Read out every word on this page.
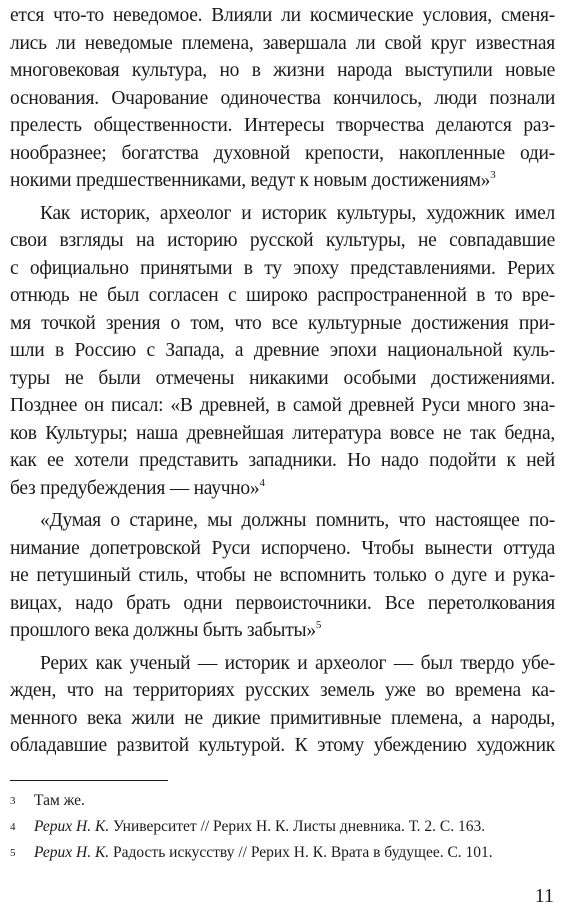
ется что-то неведомое. Влияли ли космические условия, сменя-
лись ли неведомые племена, завершала ли свой круг известная
многовековая культура, но в жизни народа выступили новые
основания. Очарование одиночества кончилось, люди познали
прелесть общественности. Интересы творчества делаются раз-
нообразнее; богатства духовной крепости, накопленные оди-
нокими предшественниками, ведут к новым достижениям»$^3$
Как историк, археолог и историк культуры, художник имел
свои взгляды на историю русской культуры, не совпадавшие
с официально принятыми в ту эпоху представлениями. Рерих
отнюдь не был согласен с широко распространенной в то вре-
мя точкой зрения о том, что все культурные достижения при-
шли в Россию с Запада, а древние эпохи национальной куль-
туры не были отмечены никакими особыми достижениями.
Позднее он писал: «В древней, в самой древней Руси много зна-
ков Культуры; наша древнейшая литература вовсе не так бедна,
как ее хотели представить западники. Но надо подойти к ней
без предубеждения — научно»$^4$
«Думая о старине, мы должны помнить, что настоящее по-
нимание допетровской Руси испорчено. Чтобы вынести оттуда
не петушиный стиль, чтобы не вспомнить только о дуге и рука-
вицах, надо брать одни первоисточники. Все перетолкования
прошлого века должны быть забыты»$^5$
Рерих как ученый — историк и археолог — был твердо убе-
жден, что на территориях русских земель уже во времена ка-
менного века жили не дикие примитивные племена, а народы,
обладавшие развитой культурой. К этому убеждению художник
3	Там же.
4	Рерих Н. К. Университет // Рерих Н. К. Листы дневника. Т. 2. С. 163.
5	Рерих Н. К. Радость искусству // Рерих Н. К. Врата в будущее. С. 101.
11
